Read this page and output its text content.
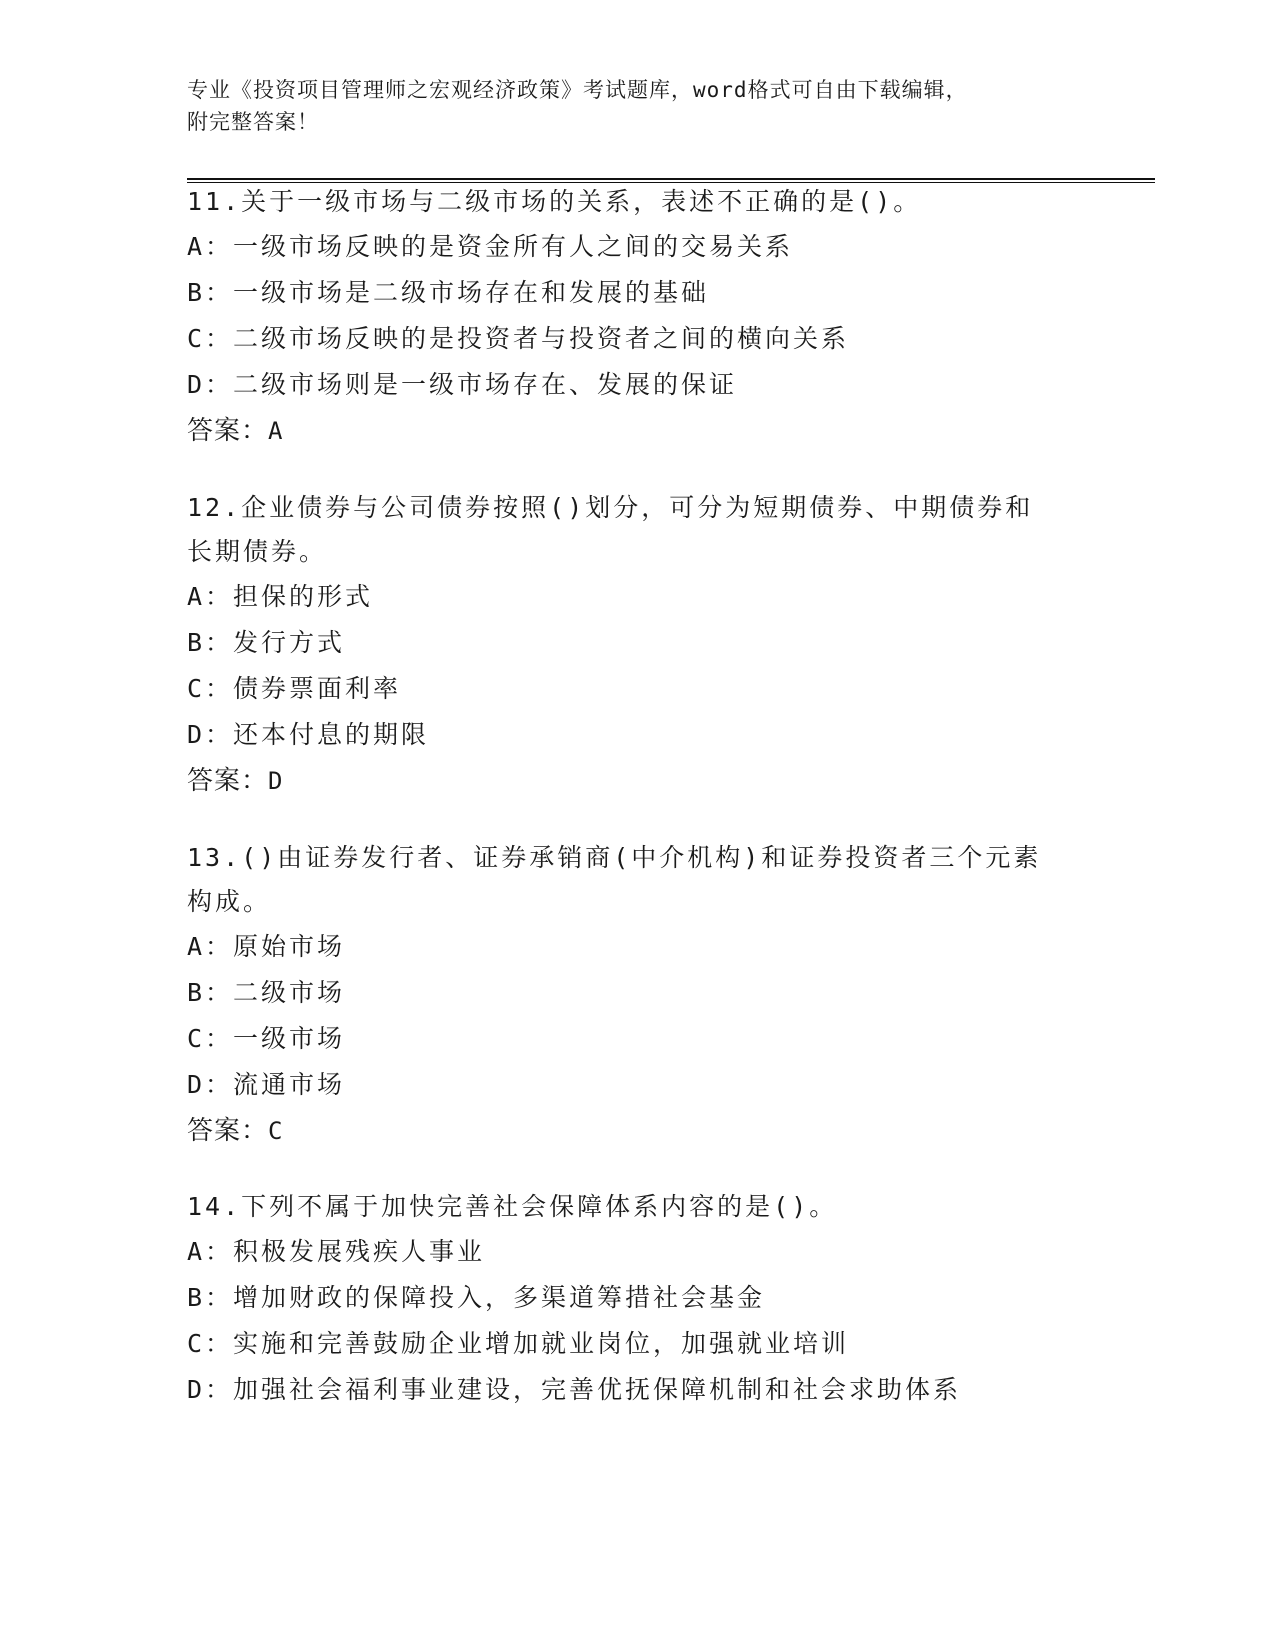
专业《投资项目管理师之宏观经济政策》考试题库，word格式可自由下载编辑，
附完整答案！
11.关于一级市场与二级市场的关系，表述不正确的是()。
A：一级市场反映的是资金所有人之间的交易关系
B：一级市场是二级市场存在和发展的基础
C：二级市场反映的是投资者与投资者之间的横向关系
D：二级市场则是一级市场存在、发展的保证
答案：A
12.企业债券与公司债券按照()划分，可分为短期债券、中期债券和长期债券。
A：担保的形式
B：发行方式
C：债券票面利率
D：还本付息的期限
答案：D
13.()由证券发行者、证券承销商(中介机构)和证券投资者三个元素构成。
A：原始市场
B：二级市场
C：一级市场
D：流通市场
答案：C
14.下列不属于加快完善社会保障体系内容的是()。
A：积极发展残疾人事业
B：增加财政的保障投入，多渠道筹措社会基金
C：实施和完善鼓励企业增加就业岗位，加强就业培训
D：加强社会福利事业建设，完善优抚保障机制和社会求助体系
